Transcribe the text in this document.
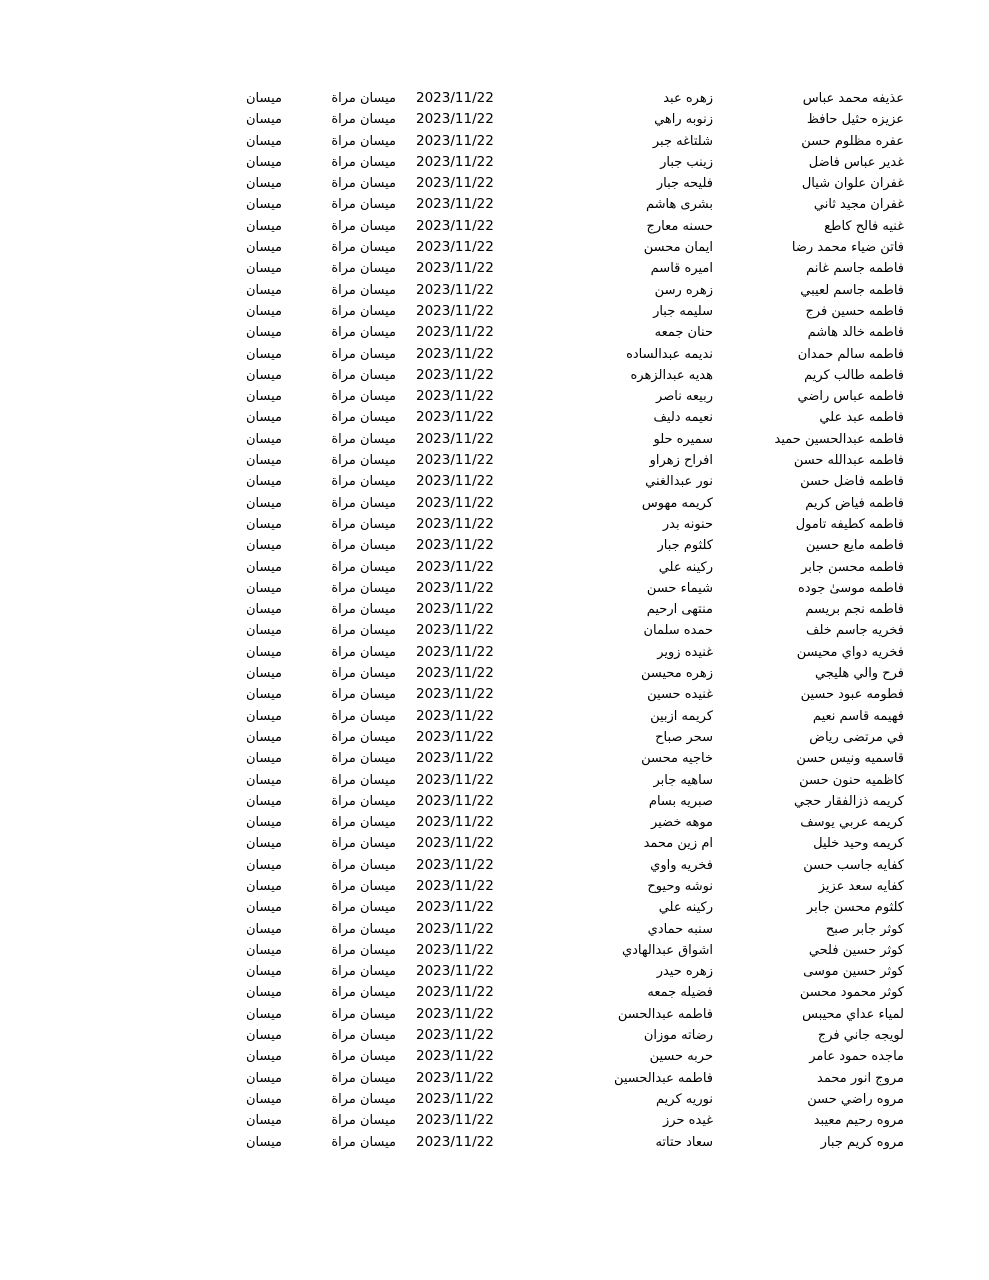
عذيفه محمد عباس
زهره عبد
2023/11/22
ميسان مراة
ميسان
عزيزه حثيل حافظ
زنوبه راهي
2023/11/22
ميسان مراة
ميسان
عفره مظلوم حسن
شلتاغه جبر
2023/11/22
ميسان مراة
ميسان
غدير عباس فاضل
زينب جبار
2023/11/22
ميسان مراة
ميسان
غفران علوان شيال
فليحه جبار
2023/11/22
ميسان مراة
ميسان
غفران مجيد ثاني
بشرى هاشم
2023/11/22
ميسان مراة
ميسان
غنيه فالح كاطع
حسنه معارج
2023/11/22
ميسان مراة
ميسان
فاتن ضياء محمد رضا
ايمان محسن
2023/11/22
ميسان مراة
ميسان
فاطمه جاسم غانم
اميره قاسم
2023/11/22
ميسان مراة
ميسان
فاطمه جاسم لعيبي
زهره رسن
2023/11/22
ميسان مراة
ميسان
فاطمه حسين فرج
سليمه جبار
2023/11/22
ميسان مراة
ميسان
فاطمه خالد هاشم
حنان جمعه
2023/11/22
ميسان مراة
ميسان
فاطمه سالم حمدان
نديمه عبدالساده
2023/11/22
ميسان مراة
ميسان
فاطمه طالب كريم
هديه عبدالزهره
2023/11/22
ميسان مراة
ميسان
فاطمه عباس راضي
ربيعه ناصر
2023/11/22
ميسان مراة
ميسان
فاطمه عبد علي
نعيمه دليف
2023/11/22
ميسان مراة
ميسان
فاطمه عبدالحسين حميد
سميره حلو
2023/11/22
ميسان مراة
ميسان
فاطمه عبدالله حسن
افراح زهراو
2023/11/22
ميسان مراة
ميسان
فاطمه فاضل حسن
نور عبدالغني
2023/11/22
ميسان مراة
ميسان
فاطمه فياض كريم
كريمه مهوس
2023/11/22
ميسان مراة
ميسان
فاطمه كطيفه تامول
حنونه بدر
2023/11/22
ميسان مراة
ميسان
فاطمه مايع حسين
كلثوم جبار
2023/11/22
ميسان مراة
ميسان
فاطمه محسن جابر
ركينه علي
2023/11/22
ميسان مراة
ميسان
فاطمه موسىٰ جوده
شيماء حسن
2023/11/22
ميسان مراة
ميسان
فاطمه نجم بريسم
منتهى ارحيم
2023/11/22
ميسان مراة
ميسان
فخريه جاسم خلف
حمده سلمان
2023/11/22
ميسان مراة
ميسان
فخريه دواي محيسن
غنيده زوير
2023/11/22
ميسان مراة
ميسان
فرح والي هليجي
زهره محيسن
2023/11/22
ميسان مراة
ميسان
فطومه عبود حسين
غنيده حسين
2023/11/22
ميسان مراة
ميسان
فهيمه قاسم نعيم
كريمه ازبين
2023/11/22
ميسان مراة
ميسان
في مرتضى رياض
سحر صباح
2023/11/22
ميسان مراة
ميسان
قاسميه ونيس حسن
خاجيه محسن
2023/11/22
ميسان مراة
ميسان
كاظميه حنون حسن
ساهيه جابر
2023/11/22
ميسان مراة
ميسان
كريمه ذزالفقار حجي
صبريه بسام
2023/11/22
ميسان مراة
ميسان
كريمه عربي يوسف
موهه خضير
2023/11/22
ميسان مراة
ميسان
كريمه وحيد خليل
ام زين محمد
2023/11/22
ميسان مراة
ميسان
كفايه جاسب حسن
فخريه واوي
2023/11/22
ميسان مراة
ميسان
كفايه سعد عزيز
نوشه وحيوح
2023/11/22
ميسان مراة
ميسان
كلثوم محسن جابر
ركينه علي
2023/11/22
ميسان مراة
ميسان
كوثر جابر صبح
سنبه حمادي
2023/11/22
ميسان مراة
ميسان
كوثر حسين فلحي
اشواق عبدالهادي
2023/11/22
ميسان مراة
ميسان
كوثر حسين موسى
زهره حيدر
2023/11/22
ميسان مراة
ميسان
كوثر محمود محسن
فضيله جمعه
2023/11/22
ميسان مراة
ميسان
لمياء عداي محيبس
فاطمه عبدالحسن
2023/11/22
ميسان مراة
ميسان
لويجه جاني فرج
رضاته موزان
2023/11/22
ميسان مراة
ميسان
ماجده حمود عامر
حربه حسين
2023/11/22
ميسان مراة
ميسان
مروج انور محمد
فاطمه عبدالحسين
2023/11/22
ميسان مراة
ميسان
مروه راضي حسن
نوريه كريم
2023/11/22
ميسان مراة
ميسان
مروه رحيم معيبد
غيده حرز
2023/11/22
ميسان مراة
ميسان
مروه كريم جبار
سعاد حتاته
2023/11/22
ميسان مراة
ميسان
